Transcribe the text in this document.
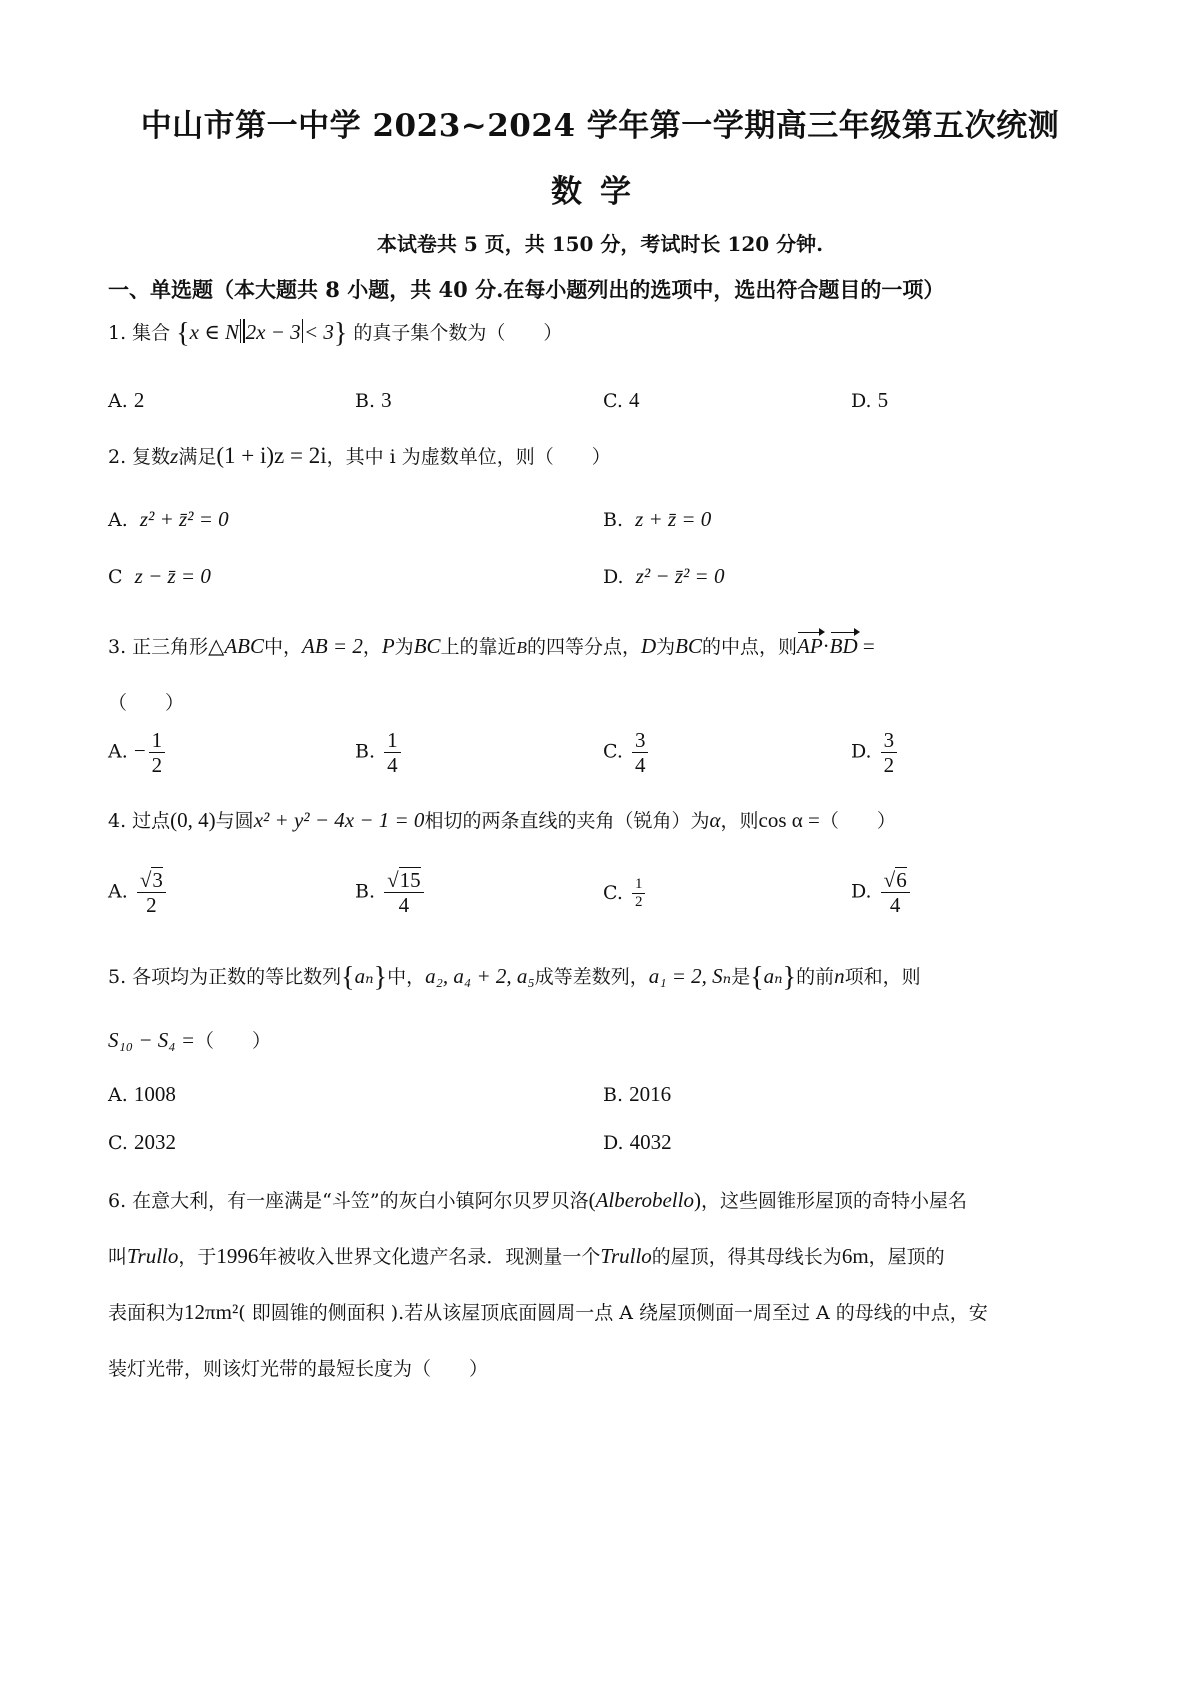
中山市第一中学 2023~2024 学年第一学期高三年级第五次统测
数学
本试卷共 5 页，共 150 分，考试时长 120 分钟.
一、单选题（本大题共 8 小题，共 40 分.在每小题列出的选项中，选出符合题目的一项）
1. 集合 {x ∈ N 2x − 3 < 3} 的真子集个数为（　　）
A. 2	B. 3	C. 4	D. 5
2. 复数z满足(1 + i)z = 2i，其中 i 为虚数单位，则（　　）
A. z² + z̄² = 0	B. z + z̄ = 0
C z − z̄ = 0	D. z² − z̄² = 0
3. 正三角形△ABC中，AB = 2，P为BC上的靠近B的四等分点，D为BC的中点，则AP·BD =
（　　）
A. − $\frac{1}{2}$	B. $\frac{1}{4}$	C. $\frac{3}{4}$	D. $\frac{3}{2}$
4. 过点(0, 4)与圆x² + y² − 4x − 1 = 0相切的两条直线的夹角（锐角）为α，则cos α =（　　）
A. $\frac{√3}{2}$	B. $\frac{√15}{4}$	C. $\frac{1}{2}$	D. $\frac{√6}{4}$
5. 各项均为正数的等比数列{aₙ}中，a₂, a₄ + 2, a₅成等差数列，a₁ = 2, Sₙ是{aₙ}的前n项和，则
S₁₀ − S₄ =（　　）
A. 1008	B. 2016
C. 2032	D. 4032
6. 在意大利，有一座满是“斗笠”的灰白小镇阿尔贝罗贝洛(Alberobello)，这些圆锥形屋顶的奇特小屋名
叫Trullo，于1996年被收入世界文化遗产名录．现测量一个Trullo的屋顶，得其母线长为6m，屋顶的
表面积为12πm²( 即圆锥的侧面积 ).若从该屋顶底面圆周一点 A 绕屋顶侧面一周至过 A 的母线的中点，安
装灯光带，则该灯光带的最短长度为（　　）
